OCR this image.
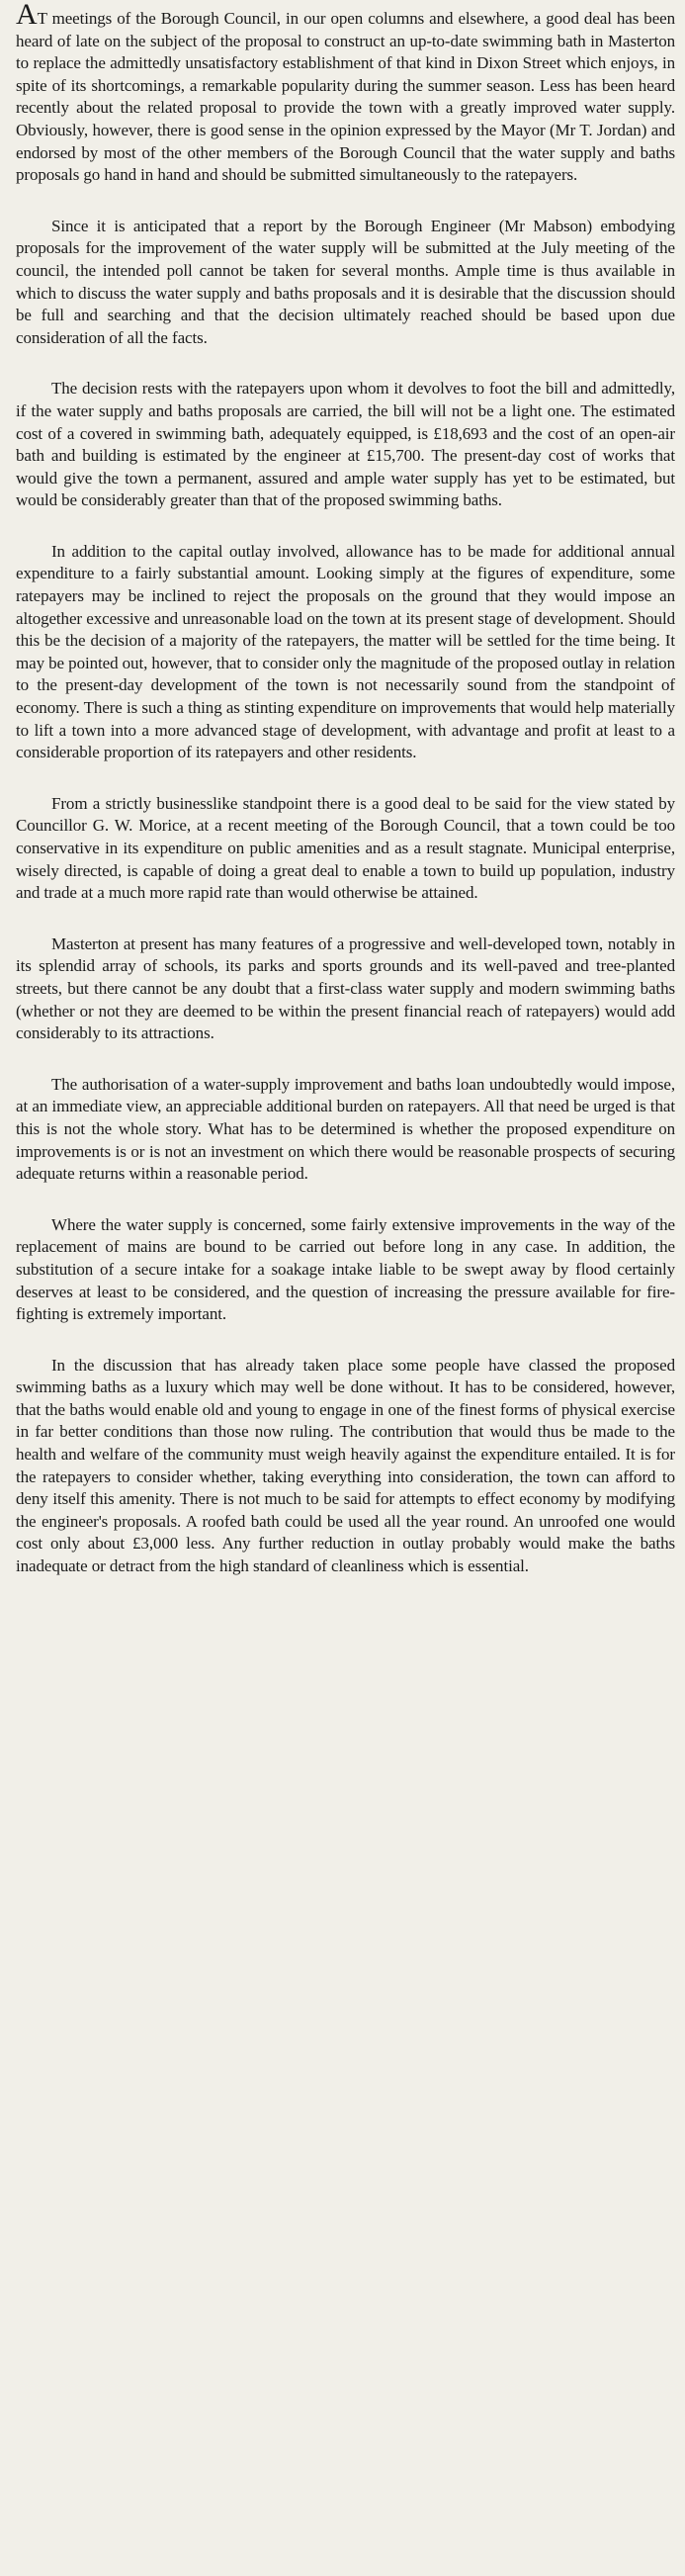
AT meetings of the Borough Council, in our open columns and elsewhere, a good deal has been heard of late on the subject of the proposal to construct an up-to-date swimming bath in Masterton to replace the admittedly unsatisfactory establishment of that kind in Dixon Street which enjoys, in spite of its shortcomings, a remarkable popularity during the summer season. Less has been heard recently about the related proposal to provide the town with a greatly improved water supply. Obviously, however, there is good sense in the opinion expressed by the Mayor (Mr T. Jordan) and endorsed by most of the other members of the Borough Council that the water supply and baths proposals go hand in hand and should be submitted simultaneously to the ratepayers.

Since it is anticipated that a report by the Borough Engineer (Mr Mabson) embodying proposals for the improvement of the water supply will be submitted at the July meeting of the council, the intended poll cannot be taken for several months. Ample time is thus available in which to discuss the water supply and baths proposals and it is desirable that the discussion should be full and searching and that the decision ultimately reached should be based upon due consideration of all the facts.

The decision rests with the ratepayers upon whom it devolves to foot the bill and admittedly, if the water supply and baths proposals are carried, the bill will not be a light one. The estimated cost of a covered in swimming bath, adequately equipped, is £18,693 and the cost of an open-air bath and building is estimated by the engineer at £15,700. The present-day cost of works that would give the town a permanent, assured and ample water supply has yet to be estimated, but would be considerably greater than that of the proposed swimming baths.

In addition to the capital outlay involved, allowance has to be made for additional annual expenditure to a fairly substantial amount. Looking simply at the figures of expenditure, some ratepayers may be inclined to reject the proposals on the ground that they would impose an altogether excessive and unreasonable load on the town at its present stage of development. Should this be the decision of a majority of the ratepayers, the matter will be settled for the time being. It may be pointed out, however, that to consider only the magnitude of the proposed outlay in relation to the present-day development of the town is not necessarily sound from the standpoint of economy. There is such a thing as stinting expenditure on improvements that would help materially to lift a town into a more advanced stage of development, with advantage and profit at least to a considerable proportion of its ratepayers and other residents.

From a strictly businesslike standpoint there is a good deal to be said for the view stated by Councillor G. W. Morice, at a recent meeting of the Borough Council, that a town could be too conservative in its expenditure on public amenities and as a result stagnate. Municipal enterprise, wisely directed, is capable of doing a great deal to enable a town to build up population, industry and trade at a much more rapid rate than would otherwise be attained.

Masterton at present has many features of a progressive and well-developed town, notably in its splendid array of schools, its parks and sports grounds and its well-paved and tree-planted streets, but there cannot be any doubt that a first-class water supply and modern swimming baths (whether or not they are deemed to be within the present financial reach of ratepayers) would add considerably to its attractions.

The authorisation of a water-supply improvement and baths loan undoubtedly would impose, at an immediate view, an appreciable additional burden on ratepayers. All that need be urged is that this is not the whole story. What has to be determined is whether the proposed expenditure on improvements is or is not an investment on which there would be reasonable prospects of securing adequate returns within a reasonable period.

Where the water supply is concerned, some fairly extensive improvements in the way of the replacement of mains are bound to be carried out before long in any case. In addition, the substitution of a secure intake for a soakage intake liable to be swept away by flood certainly deserves at least to be considered, and the question of increasing the pressure available for fire-fighting is extremely important.

In the discussion that has already taken place some people have classed the proposed swimming baths as a luxury which may well be done without. It has to be considered, however, that the baths would enable old and young to engage in one of the finest forms of physical exercise in far better conditions than those now ruling. The contribution that would thus be made to the health and welfare of the community must weigh heavily against the expenditure entailed. It is for the ratepayers to consider whether, taking everything into consideration, the town can afford to deny itself this amenity. There is not much to be said for attempts to effect economy by modifying the engineer's proposals. A roofed bath could be used all the year round. An unroofed one would cost only about £3,000 less. Any further reduction in outlay probably would make the baths inadequate or detract from the high standard of cleanliness which is essential.
